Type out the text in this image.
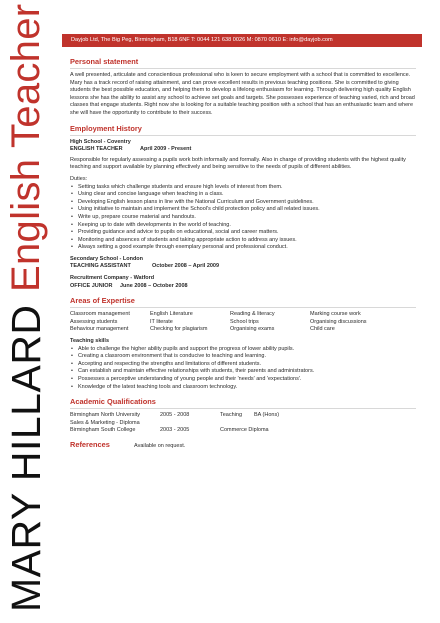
MARY HILLARD
English Teacher	Dayjob Ltd, The Big Peg, Birmingham, B18 6NF T: 0044 121 638 0026 M: 0870 0610 E: info@dayjob.com
Personal statement

A well presented, articulate and conscientious professional who is keen to secure employment with a school that is committed to excellence. Mary has a track record of raising attainment, and can prove excellent results in previous teaching positions. She is committed to giving students the best possible education, and helping them to develop a lifelong enthusiasm for learning. Through delivering high quality English lessons she has the ability to assist any school to achieve set goals and targets. She possesses experience of teaching varied, rich and broad classes that engage students. Right now she is looking for a suitable teaching position with a school that has an enthusiastic team and where she will have the opportunity to contribute to their success.

Employment History

High School - Coventry

ENGLISH TEACHER	April 2009 - Present

Responsible for regularly assessing a pupils work both informally and formally. Also in charge of providing students with the highest quality teaching and support available by planning effectively and being sensitive to the needs of pupils of different abilities.

Duties:

• Setting tasks which challenge students and ensure high levels of interest from them.
• Using clear and concise language when teaching in a class.
• Developing English lesson plans in line with the National Curriculum and Government guidelines.
• Using initiative to maintain and implement the School's child protection policy and all related issues.
• Write up, prepare course material and handouts.
• Keeping up to date with developments in the world of teaching.
• Providing guidance and advice to pupils on educational, social and career matters.
• Monitoring and absences of students and taking appropriate action to address any issues.
• Always setting a good example through exemplary personal and professional conduct.

Secondary School - London

TEACHING ASSISTANT	October 2008 – April 2009

Recruitment Company - Watford

OFFICE JUNIOR June 2008 – October 2008

Areas of Expertise
Classroom management	English Literature	Reading & literacy	Marking course work
Assessing students	IT literate	School trips	Organising discussions
Behaviour management	Checking for plagiarism	Organising exams	Child care

Teaching skills

• Able to challenge the higher ability pupils and support the progress of lower ability pupils.
• Creating a classroom environment that is conducive to teaching and learning.
• Accepting and respecting the strengths and limitations of different students.
• Can establish and maintain effective relationships with students, their parents and administrators.
• Possesses a perceptive understanding of young people and their 'needs' and 'expectations'.
• Knowledge of the latest teaching tools and classroom technology.
Academic Qualifications

Birmingham North University	2005 - 2008	Teaching BA (Hons)

Sales & Marketing - Diploma

Birmingham South College	2003 - 2005	Commerce Diploma

References	Available on request.
